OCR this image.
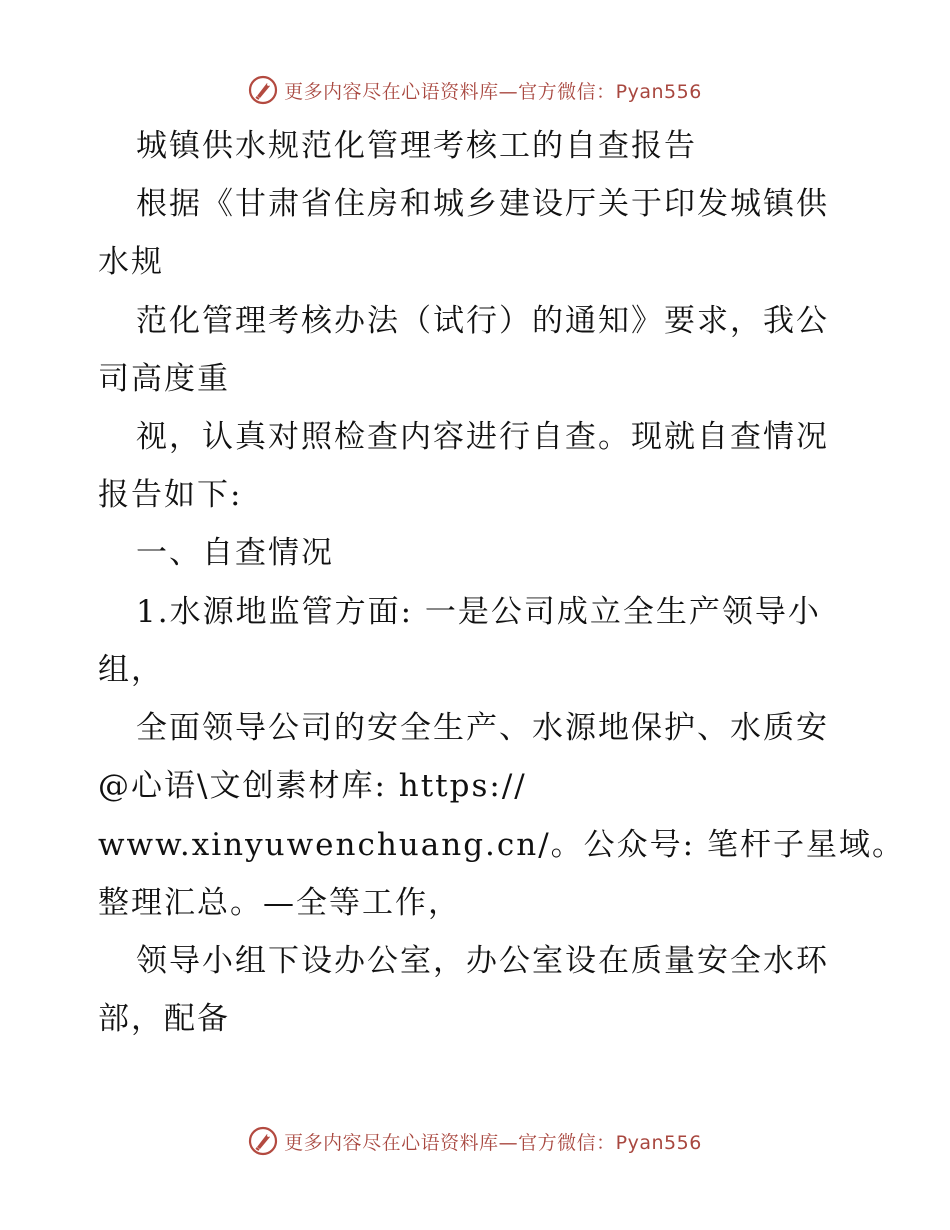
更多内容尽在心语资料库—官方微信：Pyan556
城镇供水规范化管理考核工的自查报告
根据《甘肃省住房和城乡建设厅关于印发城镇供
水规
范化管理考核办法（试行）的通知》要求，我公
司高度重
视，认真对照检查内容进行自查。现就自查情况
报告如下:
一、自查情况
1.水源地监管方面: 一是公司成立全生产领导小
组，
全面领导公司的安全生产、水源地保护、水质安
@心语\文创素材库: https://
www.xinyuwenchuang.cn/。公众号: 笔杆子星域。
整理汇总。—全等工作，
领导小组下设办公室，办公室设在质量安全水环
部，配备
更多内容尽在心语资料库—官方微信：Pyan556
